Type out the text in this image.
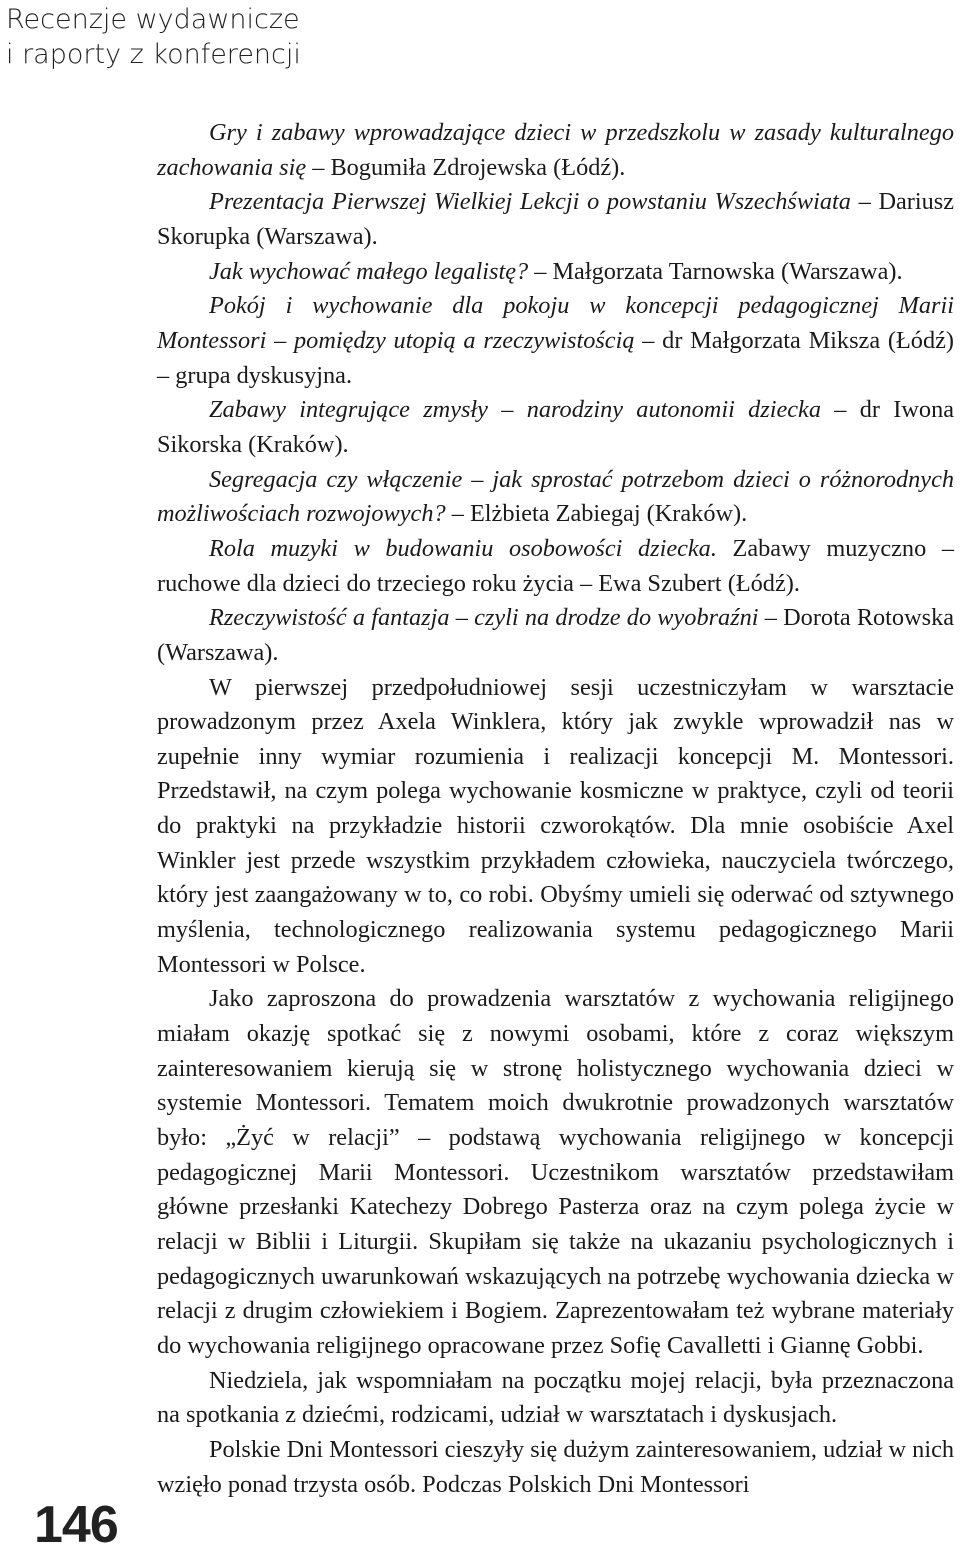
Recenzje wydawnicze
i raporty z konferencji

Gry i zabawy wprowadzające dzieci w przedszkolu w zasady kulturalnego zachowania się – Bogumiła Zdrojewska (Łódź).

Prezentacja Pierwszej Wielkiej Lekcji o powstaniu Wszechświata – Dariusz Skorupka (Warszawa).

Jak wychować małego legalistę? – Małgorzata Tarnowska (Warszawa).

Pokój i wychowanie dla pokoju w koncepcji pedagogicznej Marii Montessori – pomiędzy utopią a rzeczywistością – dr Małgorzata Miksza (Łódź) – grupa dyskusyjna.

Zabawy integrujące zmysły – narodziny autonomii dziecka – dr Iwona Sikorska (Kraków).

Segregacja czy włączenie – jak sprostać potrzebom dzieci o różnorodnych możliwościach rozwojowych? – Elżbieta Zabiegaj (Kraków).

Rola muzyki w budowaniu osobowości dziecka. Zabawy muzyczno – ruchowe dla dzieci do trzeciego roku życia – Ewa Szubert (Łódź).

Rzeczywistość a fantazja – czyli na drodze do wyobraźni – Dorota Rotowska (Warszawa).

W pierwszej przedpołudniowej sesji uczestniczyłam w warsztacie prowadzonym przez Axela Winklera, który jak zwykle wprowadził nas w zupełnie inny wymiar rozumienia i realizacji koncepcji M. Montessori. Przedstawił, na czym polega wychowanie kosmiczne w praktyce, czyli od teorii do praktyki na przykładzie historii czworokątów. Dla mnie osobiście Axel Winkler jest przede wszystkim przykładem człowieka, nauczyciela twórczego, który jest zaangażowany w to, co robi. Obyśmy umieli się oderwać od sztywnego myślenia, technologicznego realizowania systemu pedagogicznego Marii Montessori w Polsce.

Jako zaproszona do prowadzenia warsztatów z wychowania religijnego miałam okazję spotkać się z nowymi osobami, które z coraz większym zainteresowaniem kierują się w stronę holistycznego wychowania dzieci w systemie Montessori. Tematem moich dwukrotnie prowadzonych warsztatów było: „Żyć w relacji” – podstawą wychowania religijnego w koncepcji pedagogicznej Marii Montessori. Uczestnikom warsztatów przedstawiłam główne przesłanki Katechezy Dobrego Pasterza oraz na czym polega życie w relacji w Biblii i Liturgii. Skupiłam się także na ukazaniu psychologicznych i pedagogicznych uwarunkowań wskazujących na potrzebę wychowania dziecka w relacji z drugim człowiekiem i Bogiem. Zaprezentowałam też wybrane materiały do wychowania religijnego opracowane przez Sofię Cavalletti i Giannę Gobbi.

Niedziela, jak wspomniałam na początku mojej relacji, była przeznaczona na spotkania z dziećmi, rodzicami, udział w warsztatach i dyskusjach.

Polskie Dni Montessori cieszyły się dużym zainteresowaniem, udział w nich wzięło ponad trzysta osób. Podczas Polskich Dni Montessori

146
